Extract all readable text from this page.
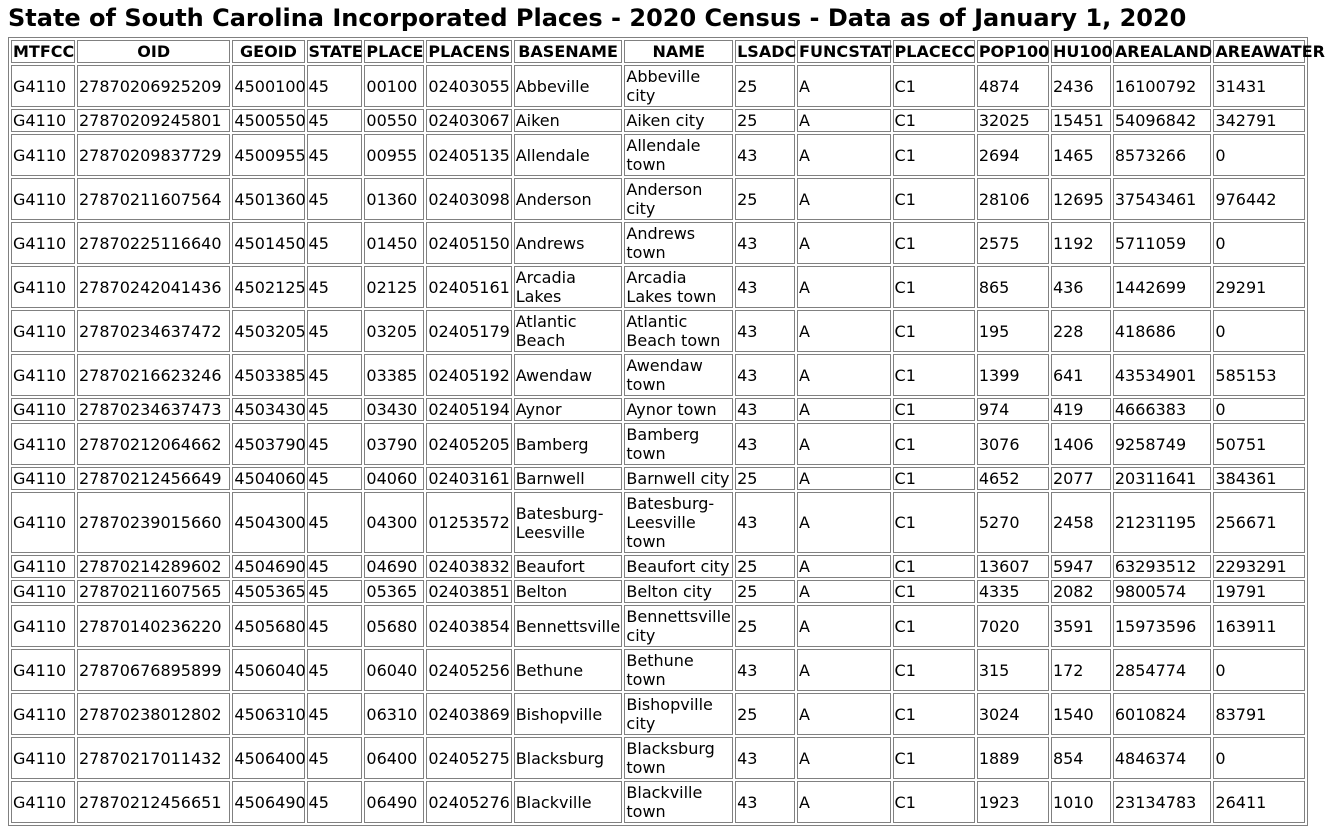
State of South Carolina Incorporated Places - 2020 Census - Data as of January 1, 2020
MTFCC	OID	GEOID	STATE	PLACE	PLACENS	BASENAME	NAME	LSADC	FUNCSTAT	PLACECC	POP100	HU100	AREALAND	AREAWATER
G4110	27870206925209	4500100	45	00100	02403055	Abbeville	Abbeville city	25	A	C1	4874	2436	16100792	31431
G4110	27870209245801	4500550	45	00550	02403067	Aiken	Aiken city	25	A	C1	32025	15451	54096842	342791
G4110	27870209837729	4500955	45	00955	02405135	Allendale	Allendale town	43	A	C1	2694	1465	8573266	0
G4110	27870211607564	4501360	45	01360	02403098	Anderson	Anderson city	25	A	C1	28106	12695	37543461	976442
G4110	27870225116640	4501450	45	01450	02405150	Andrews	Andrews town	43	A	C1	2575	1192	5711059	0
G4110	27870242041436	4502125	45	02125	02405161	Arcadia Lakes	Arcadia Lakes town	43	A	C1	865	436	1442699	29291
G4110	27870234637472	4503205	45	03205	02405179	Atlantic Beach	Atlantic Beach town	43	A	C1	195	228	418686	0
G4110	27870216623246	4503385	45	03385	02405192	Awendaw	Awendaw town	43	A	C1	1399	641	43534901	585153
G4110	27870234637473	4503430	45	03430	02405194	Aynor	Aynor town	43	A	C1	974	419	4666383	0
G4110	27870212064662	4503790	45	03790	02405205	Bamberg	Bamberg town	43	A	C1	3076	1406	9258749	50751
G4110	27870212456649	4504060	45	04060	02403161	Barnwell	Barnwell city	25	A	C1	4652	2077	20311641	384361
G4110	27870239015660	4504300	45	04300	01253572	Batesburg-Leesville	Batesburg-Leesville town	43	A	C1	5270	2458	21231195	256671
G4110	27870214289602	4504690	45	04690	02403832	Beaufort	Beaufort city	25	A	C1	13607	5947	63293512	2293291
G4110	27870211607565	4505365	45	05365	02403851	Belton	Belton city	25	A	C1	4335	2082	9800574	19791
G4110	27870140236220	4505680	45	05680	02403854	Bennettsville	Bennettsville city	25	A	C1	7020	3591	15973596	163911
G4110	27870676895899	4506040	45	06040	02405256	Bethune	Bethune town	43	A	C1	315	172	2854774	0
G4110	27870238012802	4506310	45	06310	02403869	Bishopville	Bishopville city	25	A	C1	3024	1540	6010824	83791
G4110	27870217011432	4506400	45	06400	02405275	Blacksburg	Blacksburg town	43	A	C1	1889	854	4846374	0
G4110	27870212456651	4506490	45	06490	02405276	Blackville	Blackville town	43	A	C1	1923	1010	23134783	26411
